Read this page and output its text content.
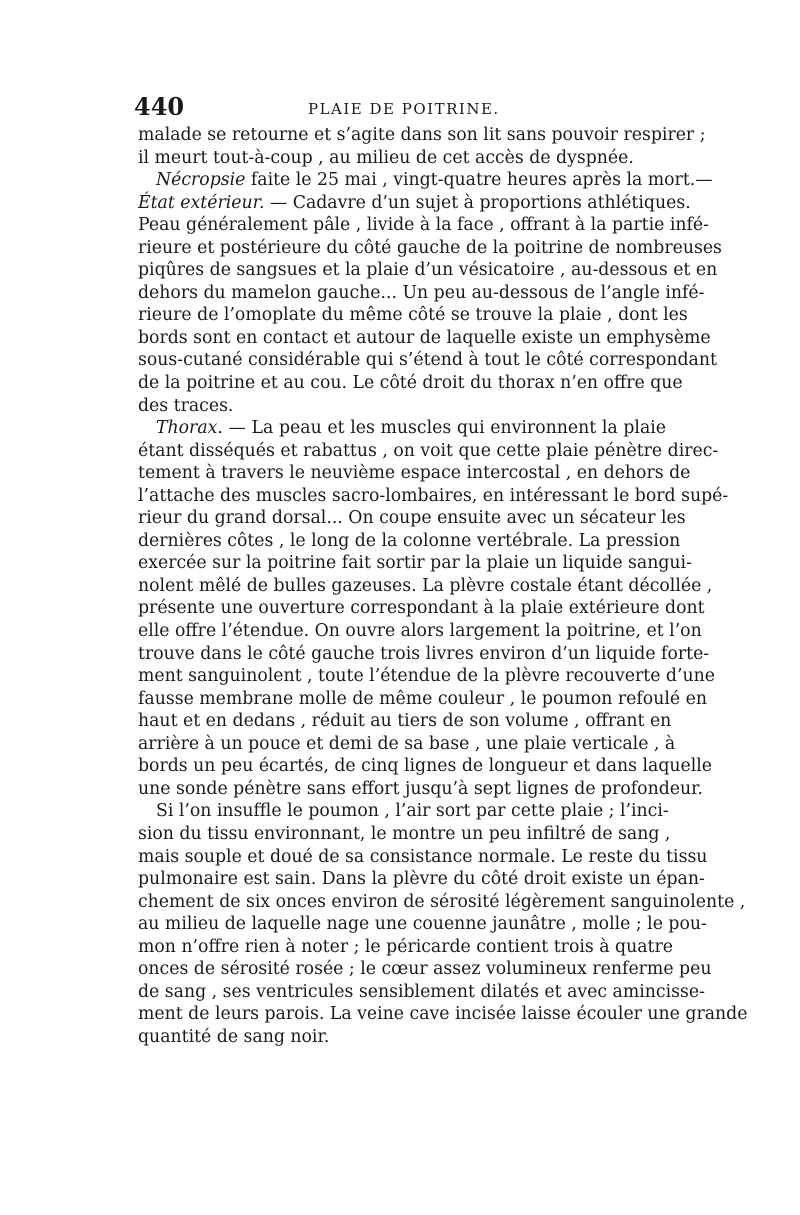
440	PLAIE DE POITRINE.
malade se retourne et s’agite dans son lit sans pouvoir respirer ;
il meurt tout-à-coup , au milieu de cet accès de dyspnée.
Nécropsie faite le 25 mai , vingt-quatre heures après la mort.—
État extérieur. — Cadavre d’un sujet à proportions athlétiques.
Peau généralement pâle , livide à la face , offrant à la partie infé-
rieure et postérieure du côté gauche de la poitrine de nombreuses
piqûres de sangsues et la plaie d’un vésicatoire , au-dessous et en
dehors du mamelon gauche... Un peu au-dessous de l’angle infé-
rieure de l’omoplate du même côté se trouve la plaie , dont les
bords sont en contact et autour de laquelle existe un emphysème
sous-cutané considérable qui s’étend à tout le côté correspondant
de la poitrine et au cou. Le côté droit du thorax n’en offre que
des traces.
Thorax. — La peau et les muscles qui environnent la plaie
étant disséqués et rabattus , on voit que cette plaie pénètre direc-
tement à travers le neuvième espace intercostal , en dehors de
l’attache des muscles sacro-lombaires, en intéressant le bord supé-
rieur du grand dorsal... On coupe ensuite avec un sécateur les
dernières côtes , le long de la colonne vertébrale. La pression
exercée sur la poitrine fait sortir par la plaie un liquide sangui-
nolent mêlé de bulles gazeuses. La plèvre costale étant décollée ,
présente une ouverture correspondant à la plaie extérieure dont
elle offre l’étendue. On ouvre alors largement la poitrine, et l’on
trouve dans le côté gauche trois livres environ d’un liquide forte-
ment sanguinolent , toute l’étendue de la plèvre recouverte d’une
fausse membrane molle de même couleur , le poumon refoulé en
haut et en dedans , réduit au tiers de son volume , offrant en
arrière à un pouce et demi de sa base , une plaie verticale , à
bords un peu écartés, de cinq lignes de longueur et dans laquelle
une sonde pénètre sans effort jusqu’à sept lignes de profondeur.
Si l’on insuffle le poumon , l’air sort par cette plaie ; l’inci-
sion du tissu environnant, le montre un peu infiltré de sang ,
mais souple et doué de sa consistance normale. Le reste du tissu
pulmonaire est sain. Dans la plèvre du côté droit existe un épan-
chement de six onces environ de sérosité légèrement sanguinolente ,
au milieu de laquelle nage une couenne jaunâtre , molle ; le pou-
mon n’offre rien à noter ; le péricarde contient trois à quatre
onces de sérosité rosée ; le cœur assez volumineux renferme peu
de sang , ses ventricules sensiblement dilatés et avec amincisse-
ment de leurs parois. La veine cave incisée laisse écouler une grande
quantité de sang noir.
